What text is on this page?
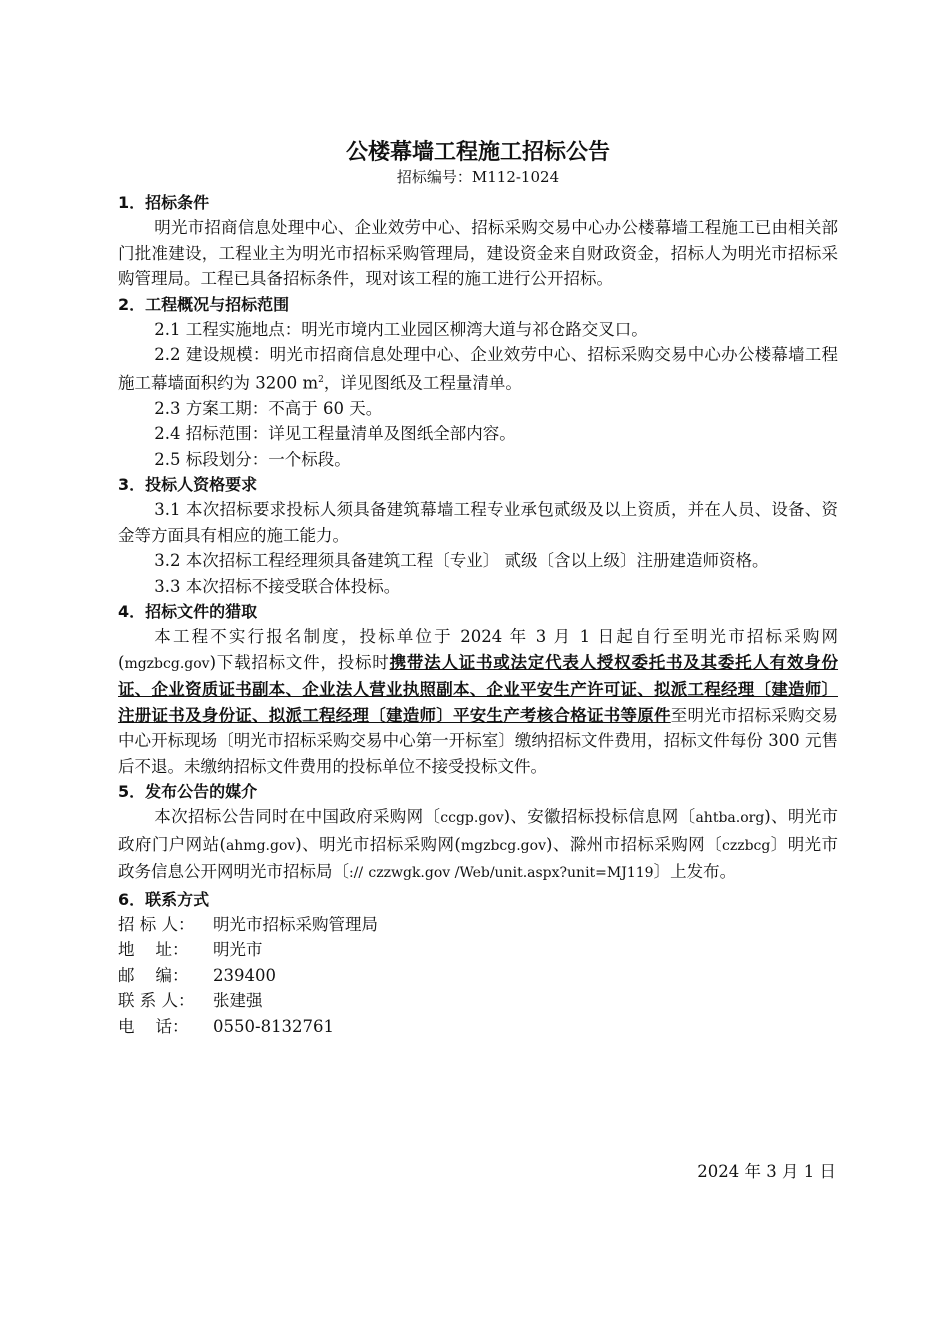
公楼幕墙工程施工招标公告
招标编号：M112-1024
1．招标条件

明光市招商信息处理中心、企业效劳中心、招标采购交易中心办公楼幕墙工程施工已由相关部门批准建设，工程业主为明光市招标采购管理局，建设资金来自财政资金，招标人为明光市招标采购管理局。工程已具备招标条件，现对该工程的施工进行公开招标。

2．工程概况与招标范围

2.1 工程实施地点：明光市境内工业园区柳湾大道与祁仓路交叉口。

2.2 建设规模：明光市招商信息处理中心、企业效劳中心、招标采购交易中心办公楼幕墙工程施工幕墙面积约为 3200 $m^2$，详见图纸及工程量清单。

2.3 方案工期：不高于 60 天。

2.4 招标范围：详见工程量清单及图纸全部内容。

2.5 标段划分：一个标段。

3．投标人资格要求

3.1 本次招标要求投标人须具备建筑幕墙工程专业承包贰级及以上资质，并在人员、设备、资金等方面具有相应的施工能力。

3.2 本次招标工程经理须具备建筑工程〔专业〕 贰级〔含以上级〕注册建造师资格。

3.3 本次招标不接受联合体投标。

4．招标文件的猎取

本工程不实行报名制度，投标单位于 2024 年 3 月 1 日起自行至明光市招标采购网(mgzbcg.gov)下载招标文件，投标时携带法人证书或法定代表人授权委托书及其委托人有效身份证、企业资质证书副本、企业法人营业执照副本、企业平安生产许可证、拟派工程经理〔建造师〕注册证书及身份证、拟派工程经理〔建造师〕平安生产考核合格证书等原件至明光市招标采购交易中心开标现场〔明光市招标采购交易中心第一开标室〕缴纳招标文件费用，招标文件每份 300 元售后不退。未缴纳招标文件费用的投标单位不接受投标文件。

5．发布公告的媒介

本次招标公告同时在中国政府采购网〔ccgp.gov)、安徽招标投标信息网〔ahtba.org)、明光市政府门户网站(ahmg.gov)、明光市招标采购网(mgzbcg.gov)、滁州市招标采购网〔czzbcg〕明光市政务信息公开网明光市招标局〔:// czzwgk.gov /Web/unit.aspx?unit=MJ119〕上发布。

6．联系方式
招 标 人：	明光市招标采购管理局
地    址：	明光市
邮    编：	239400
联 系 人：	张建强
电    话：	0550-8132761
2024 年 3 月 1 日
